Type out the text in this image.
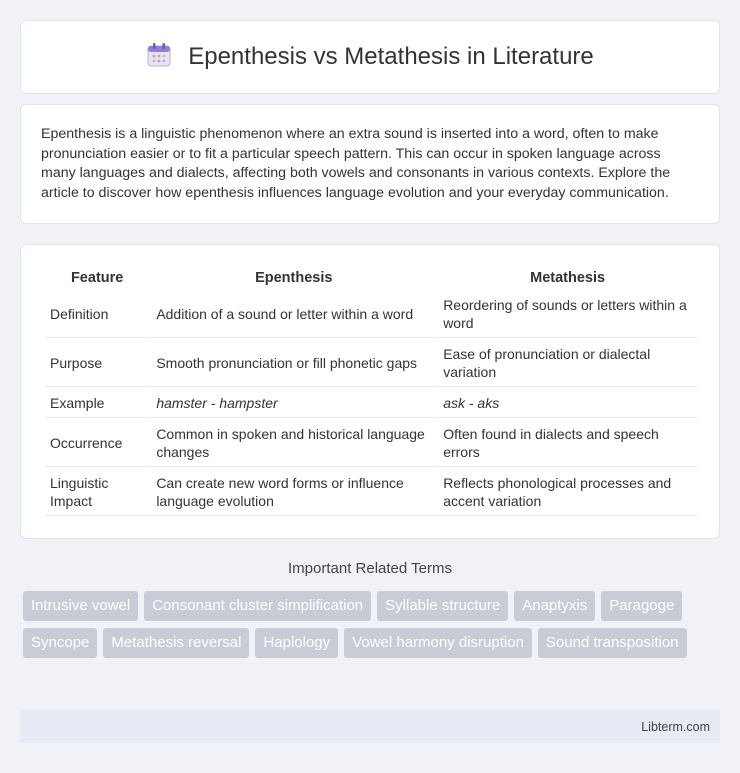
Epenthesis vs Metathesis in Literature

Epenthesis is a linguistic phenomenon where an extra sound is inserted into a word, often to make pronunciation easier or to fit a particular speech pattern. This can occur in spoken language across many languages and dialects, affecting both vowels and consonants in various contexts. Explore the article to discover how epenthesis influences language evolution and your everyday communication.

Feature	Epenthesis	Metathesis
Definition	Addition of a sound or letter within a word	Reordering of sounds or letters within a word
Purpose	Smooth pronunciation or fill phonetic gaps	Ease of pronunciation or dialectal variation
Example	hamster - hampster	ask - aks
Occurrence	Common in spoken and historical language changes	Often found in dialects and speech errors
Linguistic Impact	Can create new word forms or influence language evolution	Reflects phonological processes and accent variation
Important Related Terms
Intrusive vowel	Consonant cluster simplification	Syllable structure	Anaptyxis	Paragoge
Syncope	Metathesis reversal	Haplology	Vowel harmony disruption	Sound transposition
Libterm.com
